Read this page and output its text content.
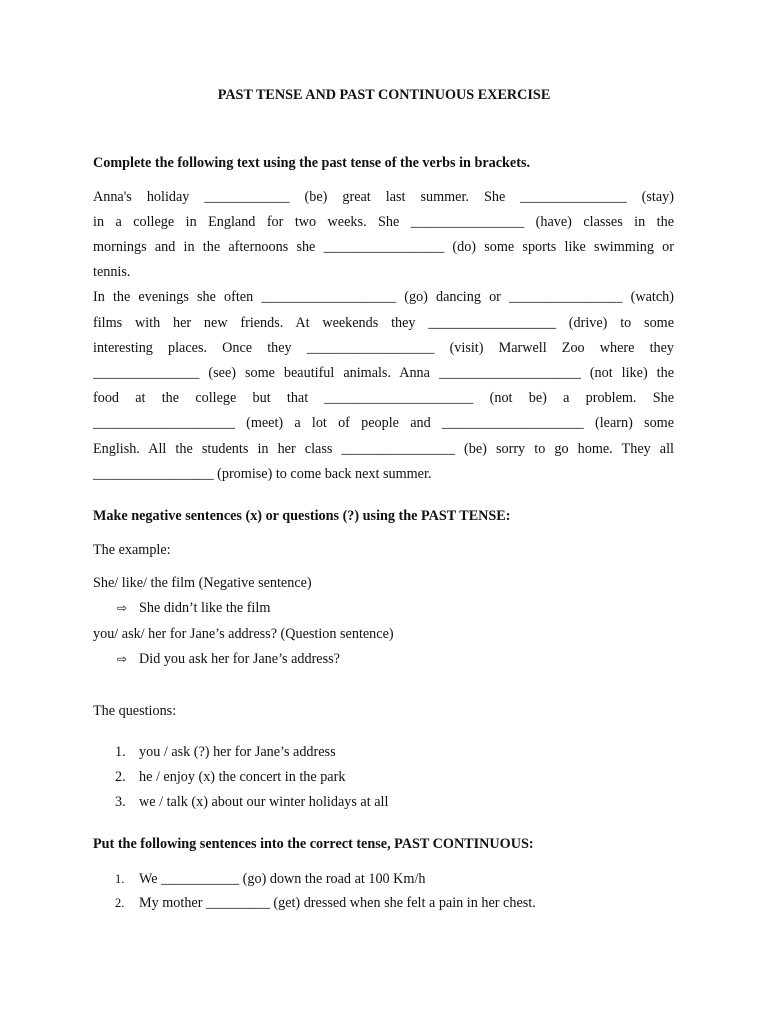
PAST TENSE AND PAST CONTINUOUS EXERCISE
Complete the following text using the past tense of the verbs in brackets.
Anna's holiday ____________ (be) great last summer. She _______________ (stay)
in a college in England for two weeks. She ________________ (have) classes in the
mornings and in the afternoons she _________________ (do) some sports like swimming or
tennis.
In the evenings she often ___________________ (go) dancing or ________________ (watch)
films with her new friends. At weekends they __________________ (drive) to some
interesting places. Once they __________________ (visit) Marwell Zoo where they
_______________ (see) some beautiful animals. Anna ____________________ (not like) the
food at the college but that _____________________ (not be) a problem. She
____________________ (meet) a lot of people and ____________________ (learn) some
English. All the students in her class ________________ (be) sorry to go home. They all
_________________ (promise) to come back next summer.
Make negative sentences (x) or questions (?) using the PAST TENSE:
The example:
She/ like/ the film (Negative sentence)
⇨ She didn’t like the film
you/ ask/ her for Jane’s address? (Question sentence)
⇨ Did you ask her for Jane’s address?
The questions:
1. you / ask (?) her for Jane’s address
2. he / enjoy (x) the concert in the park
3. we / talk (x) about our winter holidays at all
Put the following sentences into the correct tense, PAST CONTINUOUS:
1. We ___________ (go) down the road at 100 Km/h
2. My mother _________ (get) dressed when she felt a pain in her chest.
